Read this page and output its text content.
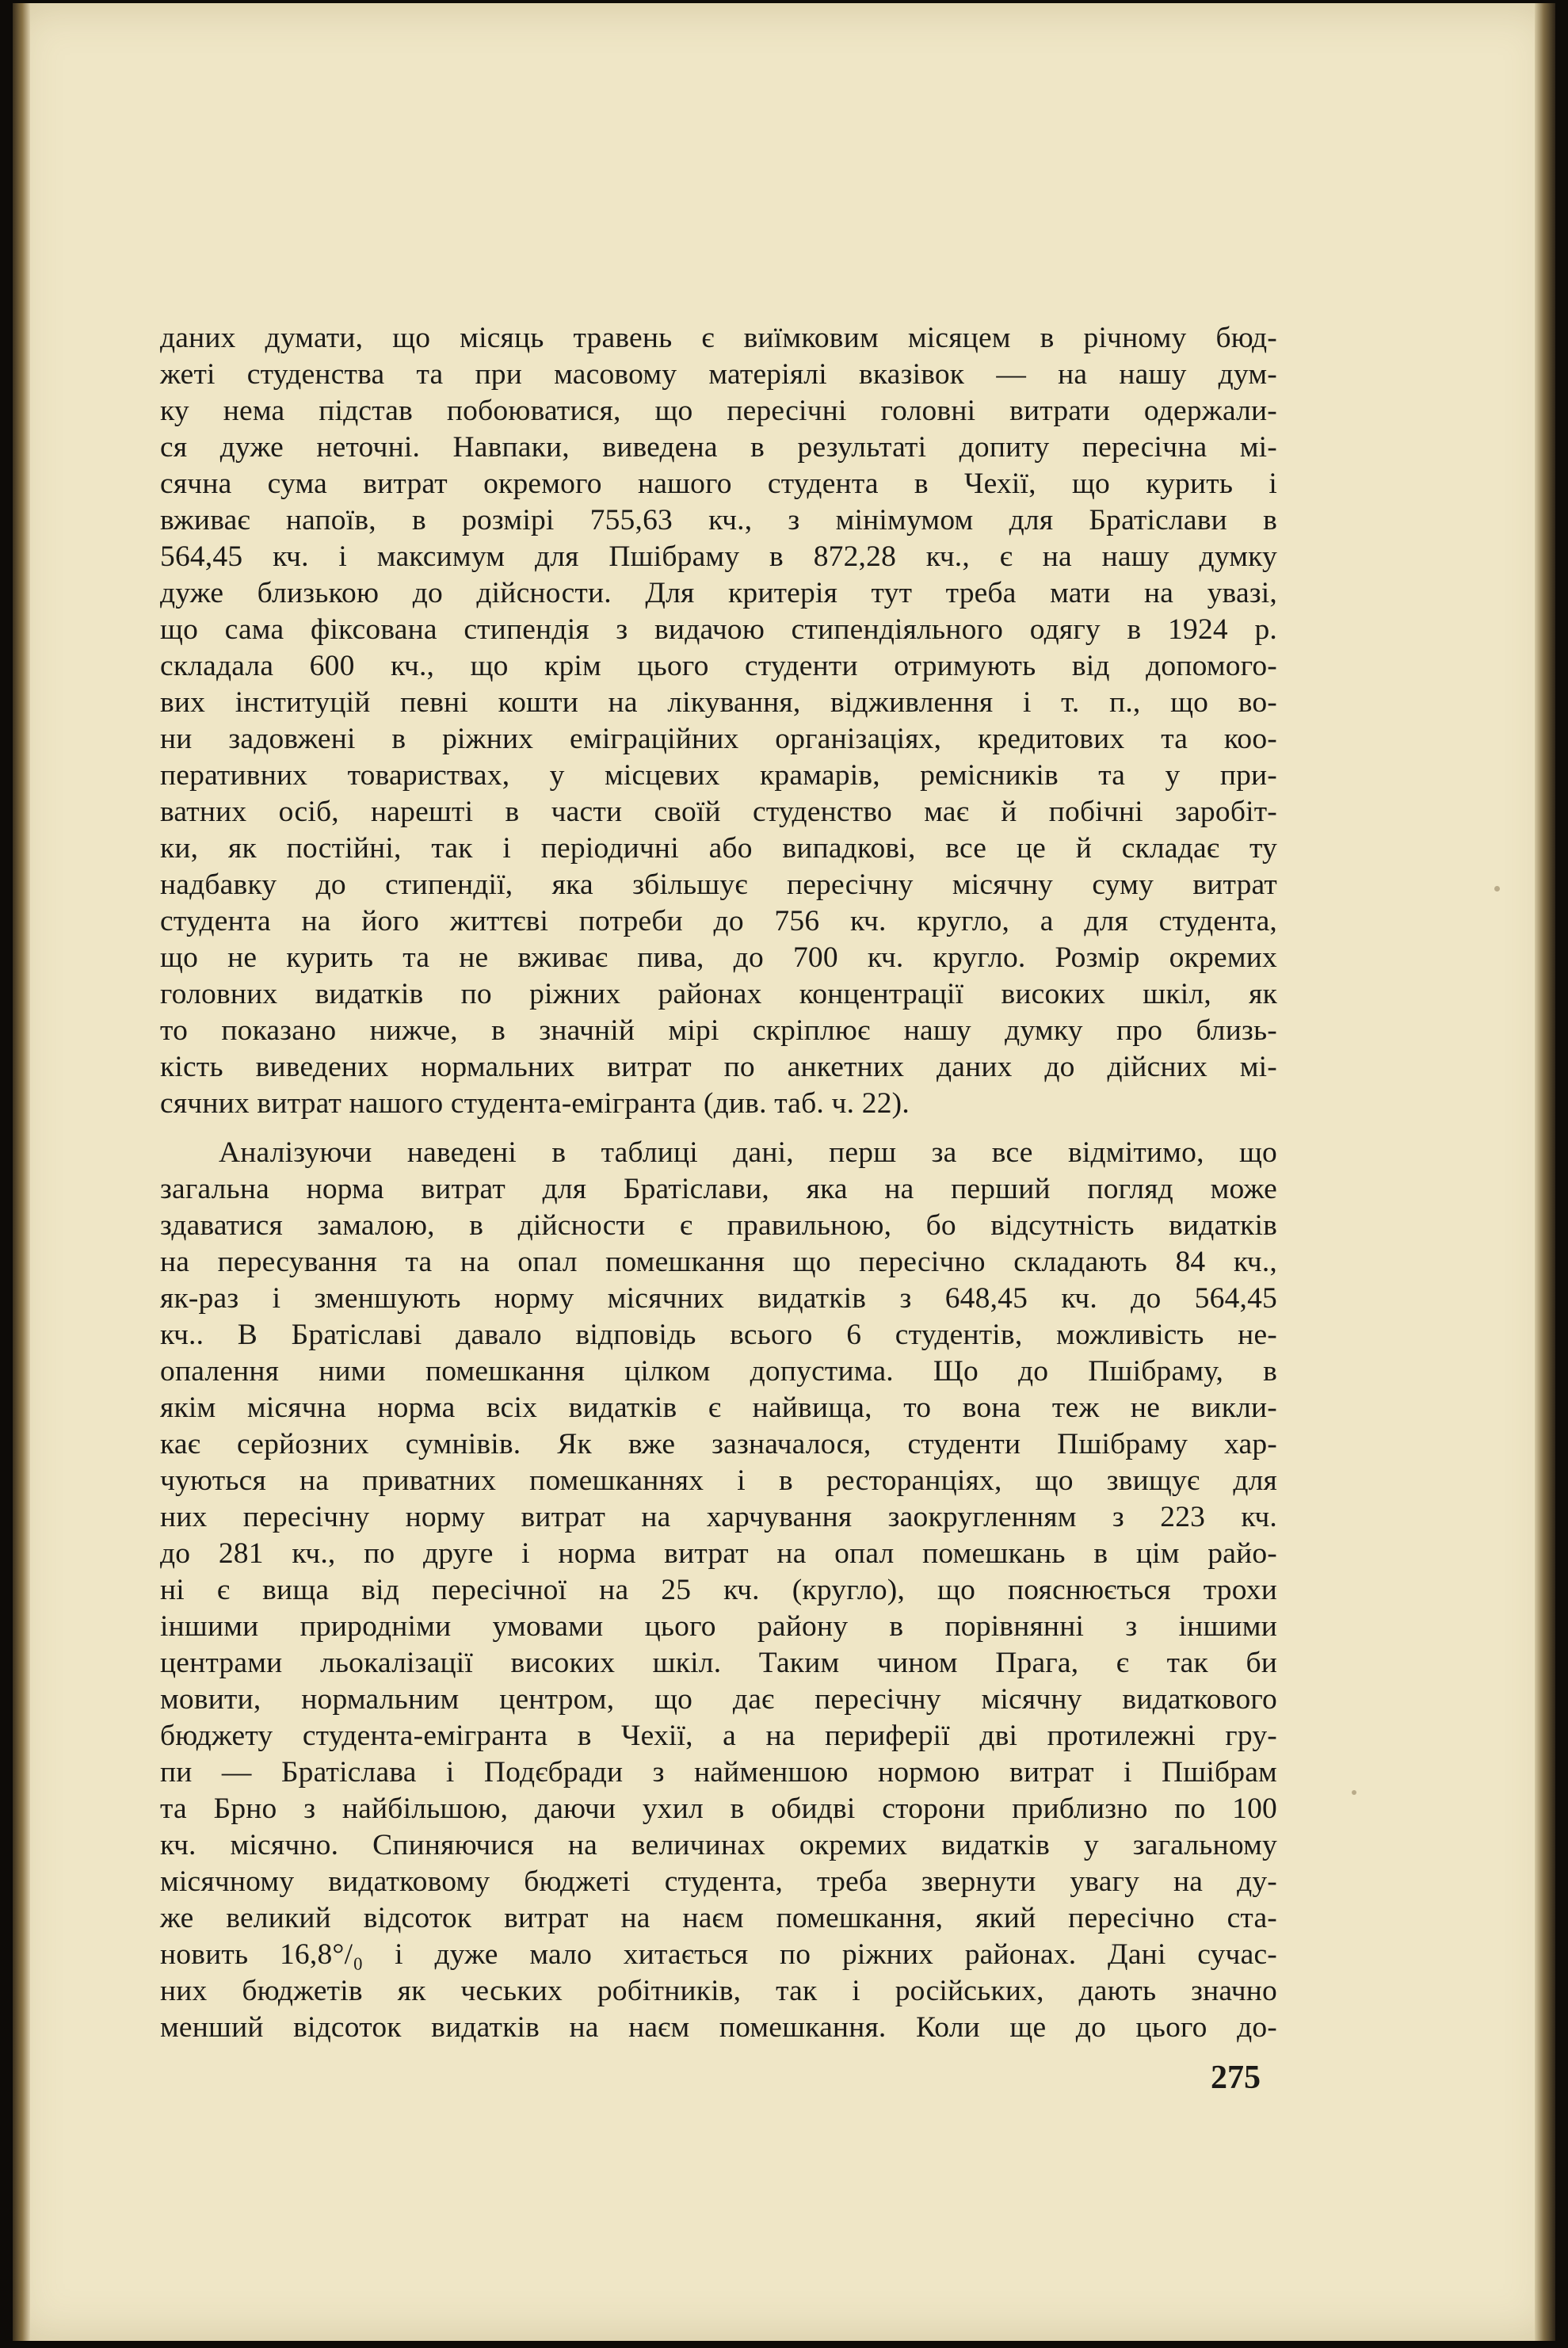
даних думати, що місяць травень є виїмковим місяцем в річному бюд-
жеті студенства та при масовому матеріялі вказівок — на нашу дум-
ку нема підстав побоюватися, що пересічні головні витрати одержали-
ся дуже неточні. Навпаки, виведена в результаті допиту пересічна мі-
сячна сума витрат окремого нашого студента в Чехії, що курить і
вживає напоїв, в розмірі 755,63 кч., з мінімумом для Братіслави в
564,45 кч. і максимум для Пшібраму в 872,28 кч., є на нашу думку
дуже близькою до дійсности. Для критерія тут треба мати на увазі,
що сама фіксована стипендія з видачою стипендіяльного одягу в 1924 р.
складала 600 кч., що крім цього студенти отримують від допомого-
вих інституцій певні кошти на лікування, відживлення і т. п., що во-
ни задовжені в ріжних еміграційних організаціях, кредитових та коо-
перативних товариствах, у місцевих крамарів, ремісників та у при-
ватних осіб, нарешті в части своїй студенство має й побічні заробіт-
ки, як постійні, так і періодичні або випадкові, все це й складає ту
надбавку до стипендії, яка збільшує пересічну місячну суму витрат
студента на його життєві потреби до 756 кч. кругло, а для студента,
що не курить та не вживає пива, до 700 кч. кругло. Розмір окремих
головних видатків по ріжних районах концентрації високих шкіл, як
то показано нижче, в значній мірі скріплює нашу думку про близь-
кість виведених нормальних витрат по анкетних даних до дійсних мі-
сячних витрат нашого студента-емігранта (див. таб. ч. 22).
Аналізуючи наведені в таблиці дані, перш за все відмітимо, що
загальна норма витрат для Братіслави, яка на перший погляд може
здаватися замалою, в дійсности є правильною, бо відсутність видатків
на пересування та на опал помешкання що пересічно складають 84 кч.,
як-раз і зменшують норму місячних видатків з 648,45 кч. до 564,45
кч.. В Братіславі давало відповідь всього 6 студентів, можливість не-
опалення ними помешкання цілком допустима. Що до Пшібраму, в
якім місячна норма всіх видатків є найвища, то вона теж не викли-
кає серйозних сумнівів. Як вже зазначалося, студенти Пшібраму хар-
чуються на приватних помешканнях і в ресторанціях, що звищує для
них пересічну норму витрат на харчування заокругленням з 223 кч.
до 281 кч., по друге і норма витрат на опал помешкань в цім райо-
ні є вища від пересічної на 25 кч. (кругло), що пояснюється трохи
іншими природніми умовами цього району в порівнянні з іншими
центрами льокалізації високих шкіл. Таким чином Прага, є так би
мовити, нормальним центром, що дає пересічну місячну видаткового
бюджету студента-емігранта в Чехії, а на периферії дві протилежні гру-
пи — Братіслава і Подєбради з найменшою нормою витрат і Пшібрам
та Брно з найбільшою, даючи ухил в обидві сторони приблизно по 100
кч. місячно. Спиняючися на величинах окремих видатків у загальному
місячному видатковому бюджеті студента, треба звернути увагу на ду-
же великий відсоток витрат на наєм помешкання, який пересічно ста-
новить 16,8°/₀ і дуже мало хитається по ріжних районах. Дані сучас-
них бюджетів як чеських робітників, так і російських, дають значно
менший відсоток видатків на наєм помешкання. Коли ще до цього до-
275
